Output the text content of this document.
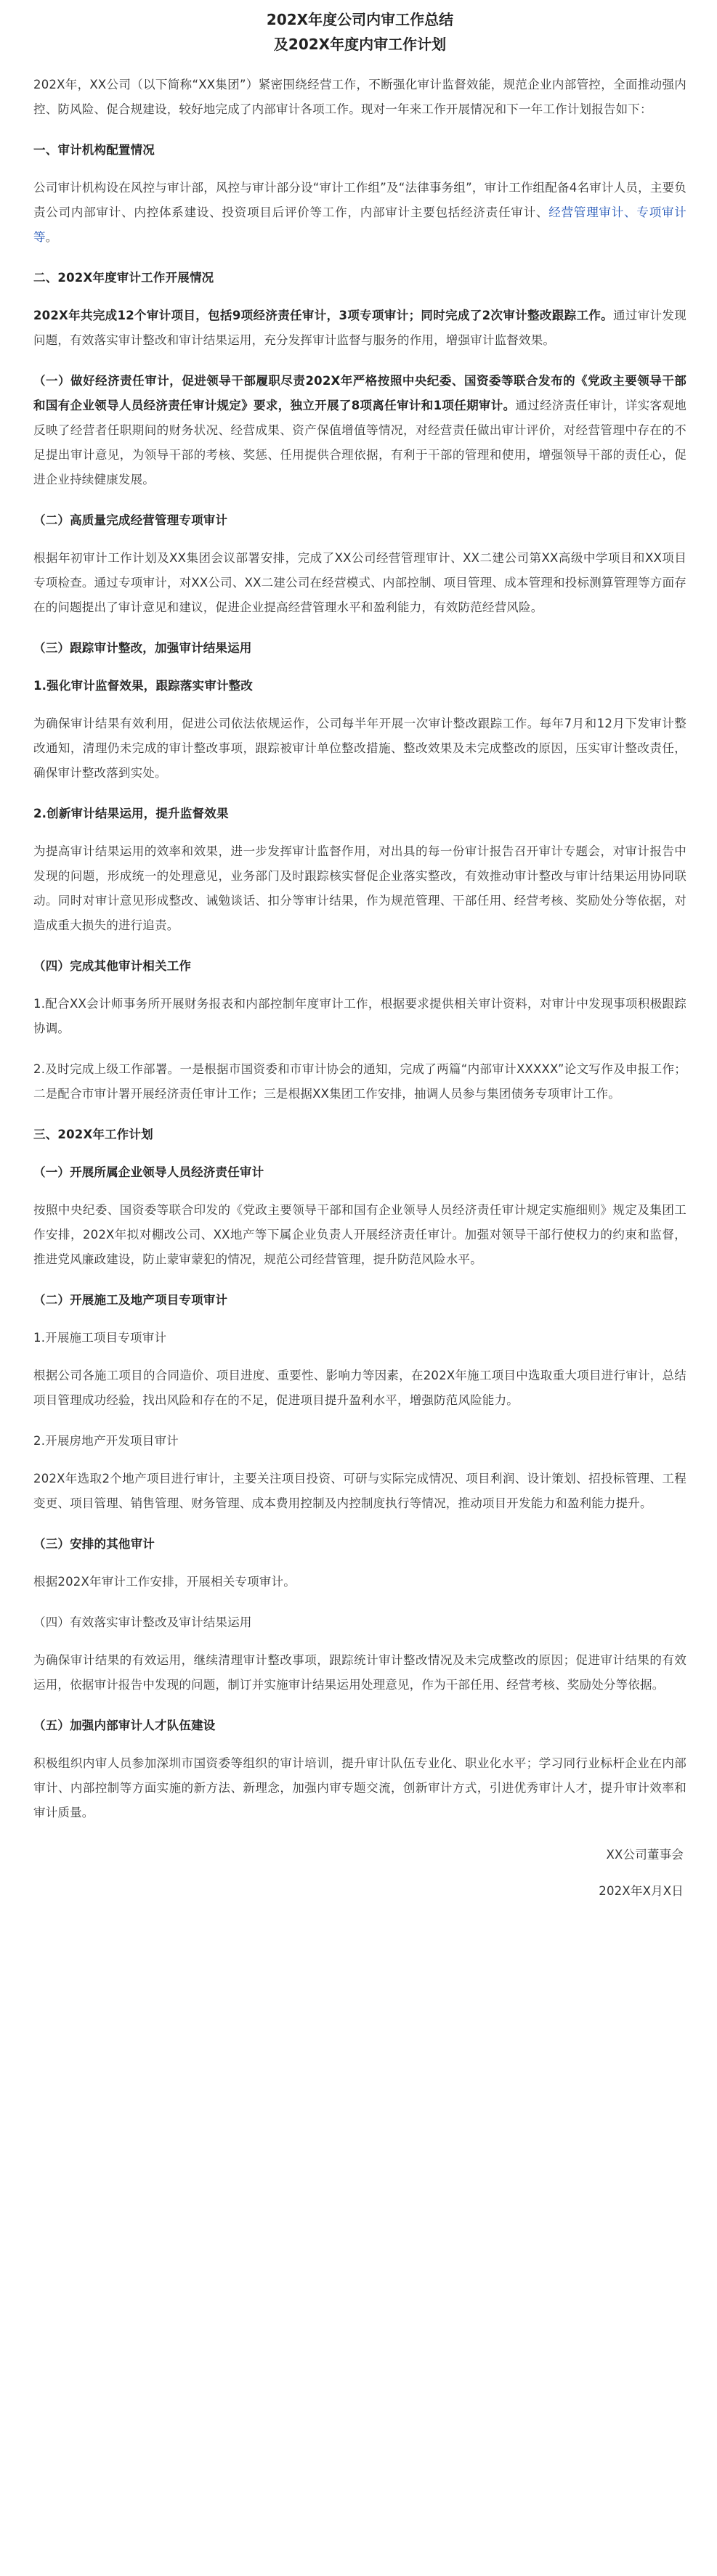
202X年度公司内审工作总结
及202X年度内审工作计划

202X年，XX公司（以下简称“XX集团”）紧密围绕经营工作，不断强化审计监督效能，规范企业内部管控，全面推动强内控、防风险、促合规建设，较好地完成了内部审计各项工作。现对一年来工作开展情况和下一年工作计划报告如下：

一、审计机构配置情况

公司审计机构设在风控与审计部，风控与审计部分设“审计工作组”及“法律事务组”，审计工作组配备4名审计人员，主要负责公司内部审计、内控体系建设、投资项目后评价等工作，内部审计主要包括经济责任审计、经营管理审计、专项审计等。

二、202X年度审计工作开展情况

202X年共完成12个审计项目，包括9项经济责任审计，3项专项审计；同时完成了2次审计整改跟踪工作。通过审计发现问题，有效落实审计整改和审计结果运用，充分发挥审计监督与服务的作用，增强审计监督效果。

（一）做好经济责任审计，促进领导干部履职尽责202X年严格按照中央纪委、国资委等联合发布的《党政主要领导干部和国有企业领导人员经济责任审计规定》要求，独立开展了8项离任审计和1项任期审计。通过经济责任审计，详实客观地反映了经营者任职期间的财务状况、经营成果、资产保值增值等情况，对经营责任做出审计评价，对经营管理中存在的不足提出审计意见，为领导干部的考核、奖惩、任用提供合理依据，有利于干部的管理和使用，增强领导干部的责任心，促进企业持续健康发展。

（二）高质量完成经营管理专项审计

根据年初审计工作计划及XX集团会议部署安排，完成了XX公司经营管理审计、XX二建公司第XX高级中学项目和XX项目专项检查。通过专项审计，对XX公司、XX二建公司在经营模式、内部控制、项目管理、成本管理和投标测算管理等方面存在的问题提出了审计意见和建议，促进企业提高经营管理水平和盈利能力，有效防范经营风险。

（三）跟踪审计整改，加强审计结果运用

1.强化审计监督效果，跟踪落实审计整改

为确保审计结果有效利用，促进公司依法依规运作，公司每半年开展一次审计整改跟踪工作。每年7月和12月下发审计整改通知，清理仍未完成的审计整改事项，跟踪被审计单位整改措施、整改效果及未完成整改的原因，压实审计整改责任，确保审计整改落到实处。

2.创新审计结果运用，提升监督效果

为提高审计结果运用的效率和效果，进一步发挥审计监督作用，对出具的每一份审计报告召开审计专题会，对审计报告中发现的问题，形成统一的处理意见，业务部门及时跟踪核实督促企业落实整改，有效推动审计整改与审计结果运用协同联动。同时对审计意见形成整改、诫勉谈话、扣分等审计结果，作为规范管理、干部任用、经营考核、奖励处分等依据，对造成重大损失的进行追责。

（四）完成其他审计相关工作

1.配合XX会计师事务所开展财务报表和内部控制年度审计工作，根据要求提供相关审计资料，对审计中发现事项积极跟踪协调。

2.及时完成上级工作部署。一是根据市国资委和市审计协会的通知，完成了两篇“内部审计XXXXX”论文写作及申报工作；二是配合市审计署开展经济责任审计工作；三是根据XX集团工作安排，抽调人员参与集团债务专项审计工作。

三、202X年工作计划

（一）开展所属企业领导人员经济责任审计

按照中央纪委、国资委等联合印发的《党政主要领导干部和国有企业领导人员经济责任审计规定实施细则》规定及集团工作安排，202X年拟对棚改公司、XX地产等下属企业负责人开展经济责任审计。加强对领导干部行使权力的约束和监督，推进党风廉政建设，防止蒙审蒙犯的情况，规范公司经营管理，提升防范风险水平。

（二）开展施工及地产项目专项审计

1.开展施工项目专项审计

根据公司各施工项目的合同造价、项目进度、重要性、影响力等因素，在202X年施工项目中选取重大项目进行审计，总结项目管理成功经验，找出风险和存在的不足，促进项目提升盈利水平，增强防范风险能力。

2.开展房地产开发项目审计

202X年选取2个地产项目进行审计，主要关注项目投资、可研与实际完成情况、项目利润、设计策划、招投标管理、工程变更、项目管理、销售管理、财务管理、成本费用控制及内控制度执行等情况，推动项目开发能力和盈利能力提升。

（三）安排的其他审计

根据202X年审计工作安排，开展相关专项审计。

（四）有效落实审计整改及审计结果运用

为确保审计结果的有效运用，继续清理审计整改事项，跟踪统计审计整改情况及未完成整改的原因；促进审计结果的有效运用，依据审计报告中发现的问题，制订并实施审计结果运用处理意见，作为干部任用、经营考核、奖励处分等依据。

（五）加强内部审计人才队伍建设

积极组织内审人员参加深圳市国资委等组织的审计培训，提升审计队伍专业化、职业化水平；学习同行业标杆企业在内部审计、内部控制等方面实施的新方法、新理念，加强内审专题交流，创新审计方式，引进优秀审计人才，提升审计效率和审计质量。

XX公司董事会

202X年X月X日
